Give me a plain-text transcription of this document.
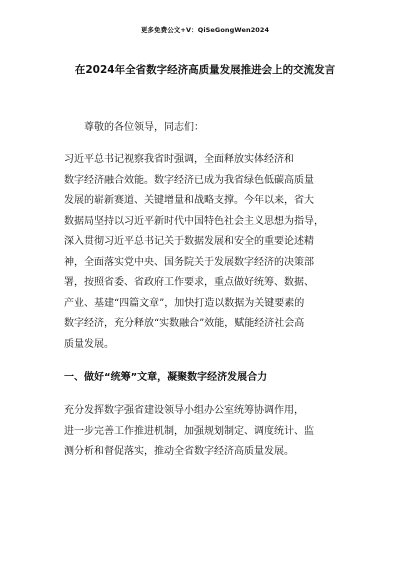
更多免费公文+V：QiSeGongWen2024
在2024年全省数字经济高质量发展推进会上的交流发言
尊敬的各位领导，同志们：
习近平总书记视察我省时强调，全面释放实体经济和
数字经济融合效能。数字经济已成为我省绿色低碳高质量
发展的崭新赛道、关键增量和战略支撑。今年以来，省大
数据局坚持以习近平新时代中国特色社会主义思想为指导，
深入贯彻习近平总书记关于数据发展和安全的重要论述精
神，全面落实党中央、国务院关于发展数字经济的决策部
署，按照省委、省政府工作要求，重点做好统筹、数据、
产业、基建“四篇文章”，加快打造以数据为关键要素的
数字经济，充分释放“实数融合”效能，赋能经济社会高
质量发展。
一、做好“统筹”文章，凝聚数字经济发展合力
充分发挥数字强省建设领导小组办公室统筹协调作用，
进一步完善工作推进机制，加强规划制定、调度统计、监
测分析和督促落实，推动全省数字经济高质量发展。
